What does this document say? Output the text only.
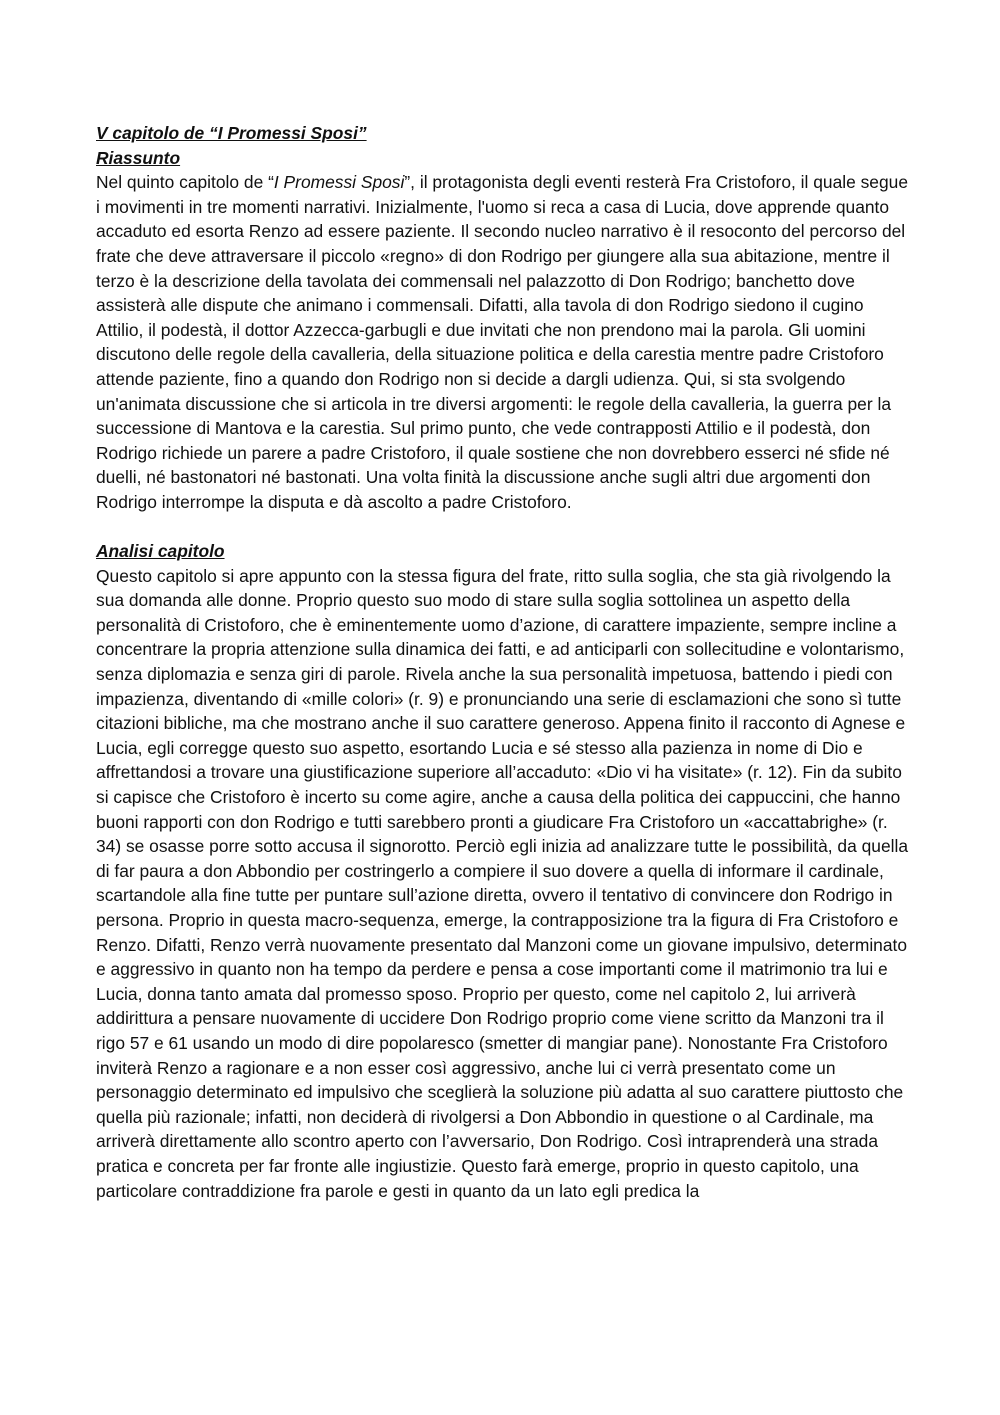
V capitolo de “I Promessi Sposi”

Riassunto

Nel quinto capitolo de “I Promessi Sposi”, il protagonista degli eventi resterà Fra Cristoforo, il quale segue i movimenti in tre momenti narrativi. Inizialmente, l'uomo si reca a casa di Lucia, dove apprende quanto accaduto ed esorta Renzo ad essere paziente. Il secondo nucleo narrativo è il resoconto del percorso del frate che deve attraversare il piccolo «regno» di don Rodrigo per giungere alla sua abitazione, mentre il terzo è la descrizione della tavolata dei commensali nel palazzotto di Don Rodrigo; banchetto dove assisterà alle dispute che animano i commensali. Difatti, alla tavola di don Rodrigo siedono il cugino Attilio, il podestà, il dottor Azzecca-garbugli e due invitati che non prendono mai la parola. Gli uomini discutono delle regole della cavalleria, della situazione politica e della carestia mentre padre Cristoforo attende paziente, fino a quando don Rodrigo non si decide a dargli udienza. Qui, si sta svolgendo un'animata discussione che si articola in tre diversi argomenti: le regole della cavalleria, la guerra per la successione di Mantova e la carestia. Sul primo punto, che vede contrapposti Attilio e il podestà, don Rodrigo richiede un parere a padre Cristoforo, il quale sostiene che non dovrebbero esserci né sfide né duelli, né bastonatori né bastonati. Una volta finità la discussione anche sugli altri due argomenti don Rodrigo interrompe la disputa e dà ascolto a padre Cristoforo.

Analisi capitolo

Questo capitolo si apre appunto con la stessa figura del frate, ritto sulla soglia, che sta già rivolgendo la sua domanda alle donne. Proprio questo suo modo di stare sulla soglia sottolinea un aspetto della personalità di Cristoforo, che è eminentemente uomo d’azione, di carattere impaziente, sempre incline a concentrare la propria attenzione sulla dinamica dei fatti, e ad anticiparli con sollecitudine e volontarismo, senza diplomazia e senza giri di parole. Rivela anche la sua personalità impetuosa, battendo i piedi con impazienza, diventando di «mille colori» (r. 9) e pronunciando una serie di esclamazioni che sono sì tutte citazioni bibliche, ma che mostrano anche il suo carattere generoso. Appena finito il racconto di Agnese e Lucia, egli corregge questo suo aspetto, esortando Lucia e sé stesso alla pazienza in nome di Dio e affrettandosi a trovare una giustificazione superiore all’accaduto: «Dio vi ha visitate» (r. 12). Fin da subito si capisce che Cristoforo è incerto su come agire, anche a causa della politica dei cappuccini, che hanno buoni rapporti con don Rodrigo e tutti sarebbero pronti a giudicare Fra Cristoforo un «accattabrighe» (r. 34) se osasse porre sotto accusa il signorotto. Perciò egli inizia ad analizzare tutte le possibilità, da quella di far paura a don Abbondio per costringerlo a compiere il suo dovere a quella di informare il cardinale, scartandole alla fine tutte per puntare sull’azione diretta, ovvero il tentativo di convincere don Rodrigo in persona. Proprio in questa macro-sequenza, emerge, la contrapposizione tra la figura di Fra Cristoforo e Renzo. Difatti, Renzo verrà nuovamente presentato dal Manzoni come un giovane impulsivo, determinato e aggressivo in quanto non ha tempo da perdere e pensa a cose importanti come il matrimonio tra lui e Lucia, donna tanto amata dal promesso sposo. Proprio per questo, come nel capitolo 2, lui arriverà addirittura a pensare nuovamente di uccidere Don Rodrigo proprio come viene scritto da Manzoni tra il rigo 57 e 61 usando un modo di dire popolaresco (smetter di mangiar pane). Nonostante Fra Cristoforo inviterà Renzo a ragionare e a non esser così aggressivo, anche lui ci verrà presentato come un personaggio determinato ed impulsivo che sceglierà la soluzione più adatta al suo carattere piuttosto che quella più razionale; infatti, non deciderà di rivolgersi a Don Abbondio in questione o al Cardinale, ma arriverà direttamente allo scontro aperto con l’avversario, Don Rodrigo. Così intraprenderà una strada pratica e concreta per far fronte alle ingiustizie. Questo farà emerge, proprio in questo capitolo, una particolare contraddizione fra parole e gesti in quanto da un lato egli predica la
